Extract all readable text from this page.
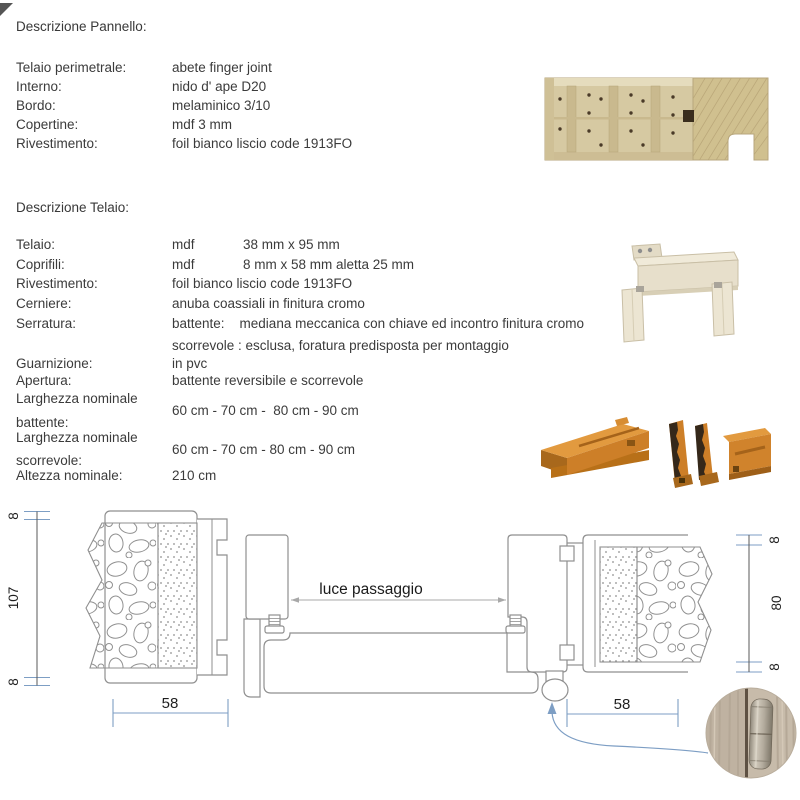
Descrizione Pannello:
Telaio perimetrale:	abete finger joint
Interno:	nido d' ape D20
Bordo:	melaminico 3/10
Copertine:	mdf 3 mm
Rivestimento:	foil bianco liscio code 1913FO
Descrizione Telaio:
Telaio:	mdf	38 mm x 95 mm
Coprifili:	mdf	8 mm x 58 mm aletta 25 mm
Rivestimento:	foil bianco liscio code 1913FO
Cerniere:	anuba coassiali in finitura cromo
Serratura:	battente:    mediana meccanica con chiave ed incontro finitura cromo
scorrevole : esclusa, foratura predisposta per montaggio
Guarnizione:	in pvc
Apertura:	battente reversibile e scorrevole
Larghezza nominale
battente:
60 cm - 70 cm -  80 cm - 90 cm
Larghezza nominale
scorrevole:
60 cm - 70 cm - 80 cm - 90 cm
Altezza nominale:	210 cm
luce passaggio
8
107
8
8
80
8
58	58
